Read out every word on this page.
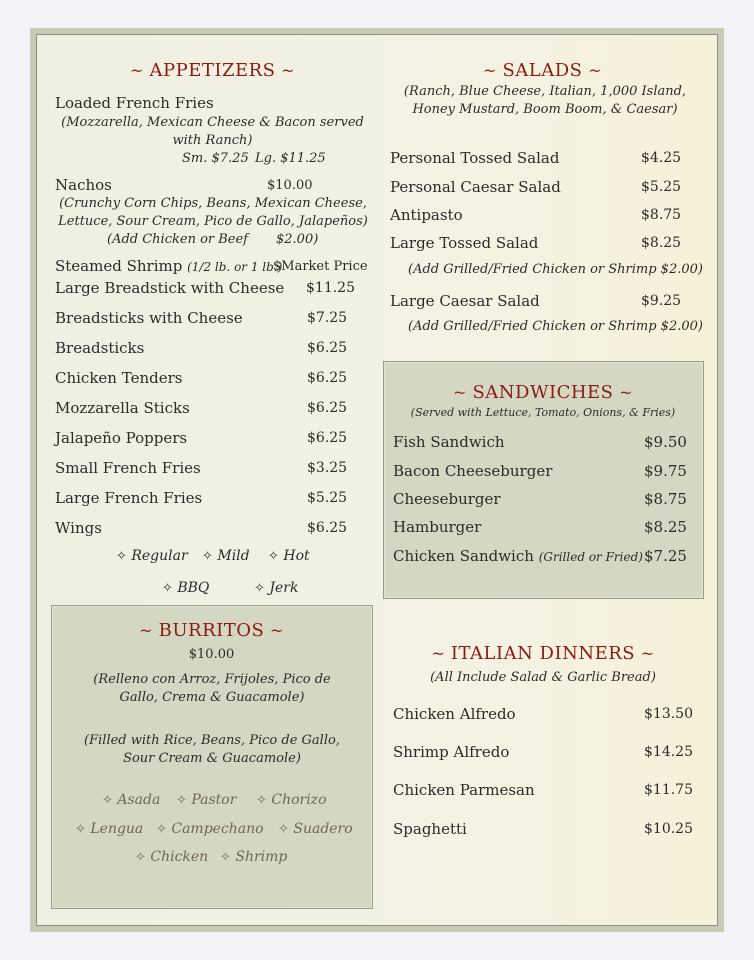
~ APPETIZERS ~
Loaded French Fries
(Mozzarella, Mexican Cheese & Bacon served with Ranch)
Sm. $7.25 Lg. $11.25
Nachos	$10.00
(Crunchy Corn Chips, Beans, Mexican Cheese, Lettuce, Sour Cream, Pico de Gallo, Jalapeños)
(Add Chicken or Beef $2.00)
Steamed Shrimp (1/2 lb. or 1 lb.)
$Market Price
Large Breadstick with Cheese $11.25
Breadsticks with Cheese	$7.25
Breadsticks	$6.25
Chicken Tenders	$6.25
Mozzarella Sticks	$6.25
Jalapeño Poppers	$6.25
Small French Fries	$3.25
Large French Fries	$5.25
Wings	$6.25
✧ Regular ✧ Mild ✧ Hot
✧ BBQ	✧ Jerk
~ SALADS ~
(Ranch, Blue Cheese, Italian, 1,000 Island, Honey Mustard, Boom Boom, & Caesar)
Personal Tossed Salad	$4.25
Personal Caesar Salad	$5.25
Antipasto	$8.75
Large Tossed Salad	$8.25
(Add Grilled/Fried Chicken or Shrimp $2.00)
Large Caesar Salad	$9.25
(Add Grilled/Fried Chicken or Shrimp $2.00)
~ SANDWICHES ~
(Served with Lettuce, Tomato, Onions, & Fries)
Fish Sandwich	$9.50
Bacon Cheeseburger	$9.75
Cheeseburger	$8.75
Hamburger	$8.25
Chicken Sandwich (Grilled or Fried) $7.25
~ BURRITOS ~
$10.00
(Relleno con Arroz, Frijoles, Pico de Gallo, Crema & Guacamole)
(Filled with Rice, Beans, Pico de Gallo, Sour Cream & Guacamole)
✧ Asada ✧ Pastor ✧ Chorizo
✧ Lengua ✧ Campechano ✧ Suadero
✧ Chicken ✧ Shrimp
~ ITALIAN DINNERS ~
(All Include Salad & Garlic Bread)
Chicken Alfredo	$13.50
Shrimp Alfredo	$14.25
Chicken Parmesan	$11.75
Spaghetti	$10.25
